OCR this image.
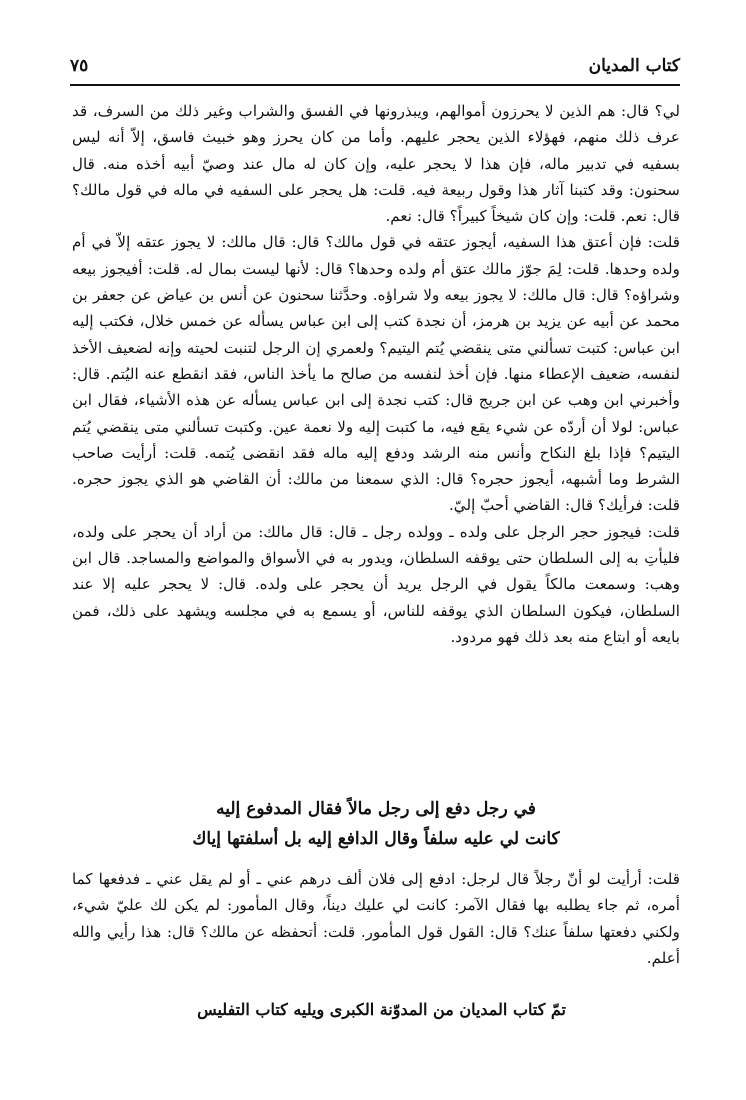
كتاب المديان
٧٥

لي؟ قال: هم الذين لا يحرزون أموالهم، ويبذرونها في الفسق والشراب وغير ذلك من السرف، قد عرف ذلك منهم، فهؤلاء الذين يحجر عليهم. وأما من كان يحرز وهو خبيث فاسق، إلاّ أنه ليس بسفيه في تدبير ماله، فإن هذا لا يحجر عليه، وإن كان له مال عند وصيّ أبيه أخذه منه. قال سحنون: وقد كتبنا آثار هذا وقول ربيعة فيه. قلت: هل يحجر على السفيه في ماله في قول مالك؟ قال: نعم. قلت: وإن كان شيخاً كبيراً؟ قال: نعم.

قلت: فإن أعتق هذا السفيه، أيجوز عتقه في قول مالك؟ قال: قال مالك: لا يجوز عتقه إلاّ في أم ولده وحدها. قلت: لِمَ جوّز مالك عتق أم ولده وحدها؟ قال: لأنها ليست بمال له. قلت: أفيجوز بيعه وشراؤه؟ قال: قال مالك: لا يجوز بيعه ولا شراؤه. وحدَّثنا سحنون عن أنس بن عياض عن جعفر بن محمد عن أبيه عن يزيد بن هرمز، أن نجدة كتب إلى ابن عباس يسأله عن خمس خلال، فكتب إليه ابن عباس: كتبت تسألني متى ينقضي يُتم اليتيم؟ ولعمري إن الرجل لتنبت لحيته وإنه لضعيف الأخذ لنفسه، ضعيف الإعطاء منها. فإن أخذ لنفسه من صالح ما يأخذ الناس، فقد انقطع عنه اليُتم. قال: وأخبرني ابن وهب عن ابن جريج قال: كتب نجدة إلى ابن عباس يسأله عن هذه الأشياء، فقال ابن عباس: لولا أن أردّه عن شيء يقع فيه، ما كتبت إليه ولا نعمة عين. وكتبت تسألني متى ينقضي يُتم اليتيم؟ فإذا بلغ النكاح وأنس منه الرشد ودفع إليه ماله فقد انقضى يُتمه. قلت: أرأيت صاحب الشرط وما أشبهه، أيجوز حجره؟ قال: الذي سمعنا من مالك: أن القاضي هو الذي يجوز حجره. قلت: فرأيك؟ قال: القاضي أحبّ إليّ.

قلت: فيجوز حجر الرجل على ولده ـ وولده رجل ـ قال: قال مالك: من أراد أن يحجر على ولده، فليأتِ به إلى السلطان حتى يوقفه السلطان، ويدور به في الأسواق والمواضع والمساجد. قال ابن وهب: وسمعت مالكاً يقول في الرجل يريد أن يحجر على ولده. قال: لا يحجر عليه إلا عند السلطان، فيكون السلطان الذي يوقفه للناس، أو يسمع به في مجلسه ويشهد على ذلك، فمن بايعه أو ابتاع منه بعد ذلك فهو مردود.

في رجل دفع إلى رجل مالاً فقال المدفوع إليه
كانت لي عليه سلفاً وقال الدافع إليه بل أسلفتها إياك

قلت: أرأيت لو أنّ رجلاً قال لرجل: ادفع إلى فلان ألف درهم عني ـ أو لم يقل عني ـ فدفعها كما أمره، ثم جاء يطلبه بها فقال الآمر: كانت لي عليك ديناً، وقال المأمور: لم يكن لك عليّ شيء، ولكني دفعتها سلفاً عنك؟ قال: القول قول المأمور. قلت: أتحفظه عن مالك؟ قال: هذا رأيي والله أعلم.

تمّ كتاب المديان من المدوّنة الكبرى ويليه كتاب التفليس
